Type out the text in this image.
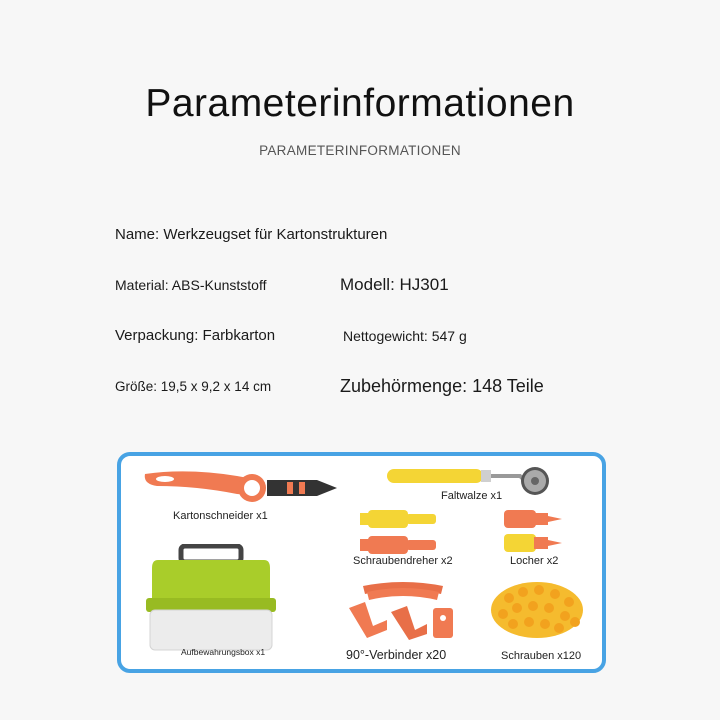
Parameterinformationen
PARAMETERINFORMATIONEN
Name: Werkzeugset für Kartonstrukturen
Material: ABS-Kunststoff	Modell: HJ301
Verpackung: Farbkarton	Nettogewicht: 547 g
Größe: 19,5 x 9,2 x 14 cm	Zubehörmenge: 148 Teile
Kartonschneider x1
Faltwalze x1
Schraubendreher x2	Locher x2
Aufbewahrungsbox x1	90°-Verbinder x20	Schrauben x120
